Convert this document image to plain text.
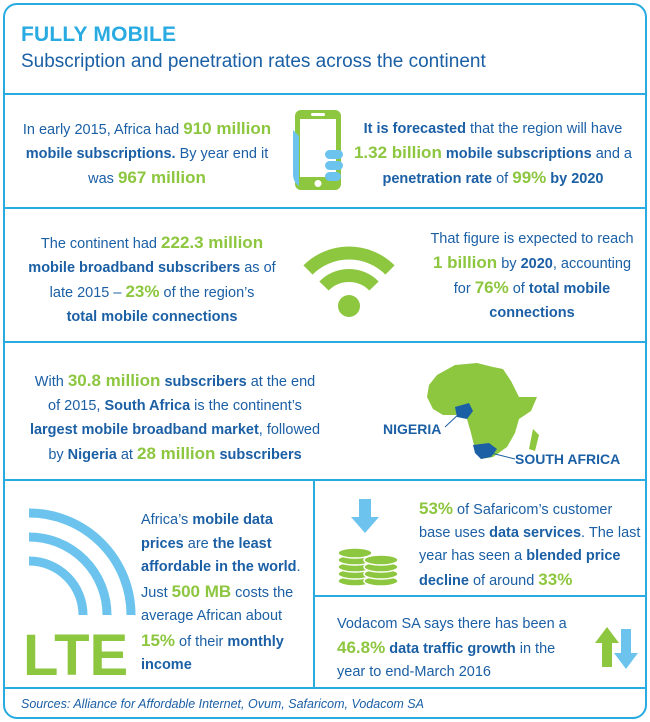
FULLY MOBILE
Subscription and penetration rates across the continent
In early 2015, Africa had 910 million
mobile subscriptions. By year end it was 967 million
It is forecasted that the region will have
1.32 billion mobile subscriptions and a
penetration rate of 99% by 2020
The continent had 222.3 million
mobile broadband subscribers as of late 2015 – 23% of the region’s
total mobile connections
That figure is expected to reach 1 billion by 2020, accounting for 76% of total mobile connections
With 30.8 million subscribers at the end of 2015, South Africa is the continent’s largest mobile broadband market, followed by Nigeria at 28 million subscribers
NIGERIA
SOUTH AFRICA
LTE
Africa’s mobile data prices are the least affordable in the world. Just 500 MB costs the average African about 15% of their monthly income
53% of Safaricom’s customer base uses data services. The last year has seen a blended price decline of around 33%
Vodacom SA says there has been a 46.8% data traffic growth in the year to end-March 2016
Sources: Alliance for Affordable Internet, Ovum, Safaricom, Vodacom SA
